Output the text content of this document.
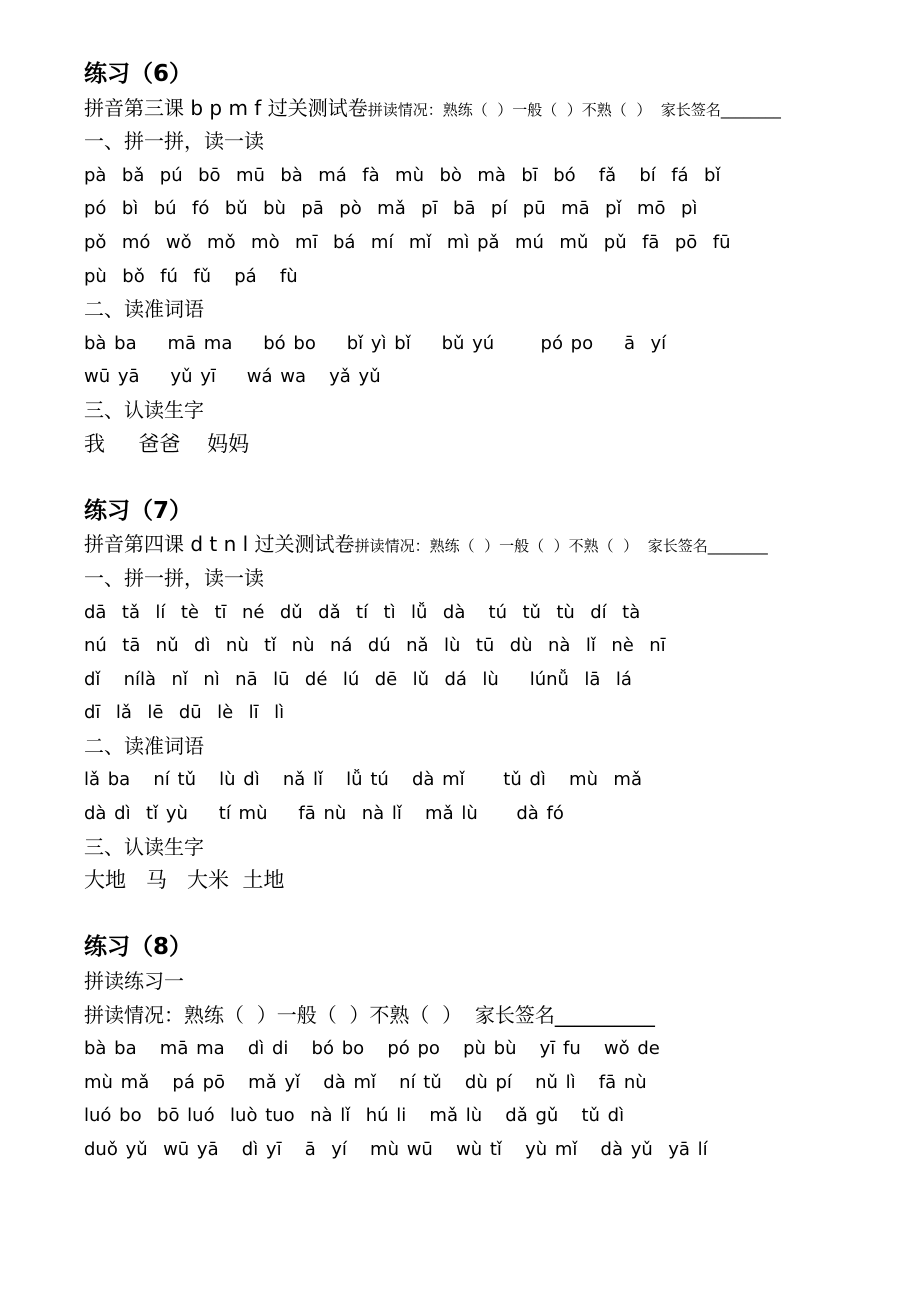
练习（6）
拼音第三课 b p m f 过关测试卷拼读情况：熟练（  ）一般（  ）不熟（  ）  家长签名________
一、拼一拼，读一读
pà  bǎ  pú  bō  mū  bà  má  fà  mù  bò  mà  bī  bó   fǎ   bí  fá  bǐ
pó  bì  bú  fó  bǔ  bù  pā  pò  mǎ  pī  bā  pí  pū  mā  pǐ  mō  pì
pǒ  mó  wǒ  mǒ  mò  mī  bá  mí  mǐ  mì pǎ  mú  mǔ  pǔ  fā  pō  fū
pù  bǒ  fú  fǔ   pá   fù
二、读准词语
bà ba    mā ma    bó bo    bǐ yì bǐ    bǔ yú      pó po    ā  yí
wū yā    yǔ yī    wá wa   yǎ yǔ
三、认读生字
我     爸爸    妈妈
练习（7）
拼音第四课 d t n l 过关测试卷拼读情况：熟练（  ）一般（  ）不熟（  ）  家长签名________
一、拼一拼，读一读
dā  tǎ  lí  tè  tī  né  dǔ  dǎ  tí  tì  lǚ  dà   tú  tǔ  tù  dí  tà
nú  tā  nǔ  dì  nù  tǐ  nù  ná  dú  nǎ  lù  tū  dù  nà  lǐ  nè  nī
dǐ   nílà  nǐ  nì  nā  lū  dé  lú  dē  lǔ  dá  lù    lúnǚ  lā  lá
dī  lǎ  lē  dū  lè  lī  lì
二、读准词语
lǎ ba   ní tǔ   lù dì   nǎ lǐ   lǚ tú   dà mǐ     tǔ dì   mù  mǎ
dà dì  tǐ yù    tí mù    fā nù  nà lǐ   mǎ lù     dà fó
三、认读生字
大地   马   大米  土地
练习（8）
拼读练习一
拼读情况：熟练（  ）一般（  ）不熟（  ）  家长签名__________
bà ba   mā ma   dì di   bó bo   pó po   pù bù   yī fu   wǒ de
mù mǎ   pá pō   mǎ yǐ   dà mǐ   ní tǔ   dù pí   nǔ lì   fā nù
luó bo  bō luó  luò tuo  nà lǐ  hú li   mǎ lù   dǎ gǔ   tǔ dì
duǒ yǔ  wū yā   dì yī   ā  yí   mù wū   wù tǐ   yù mǐ   dà yǔ  yā lí
